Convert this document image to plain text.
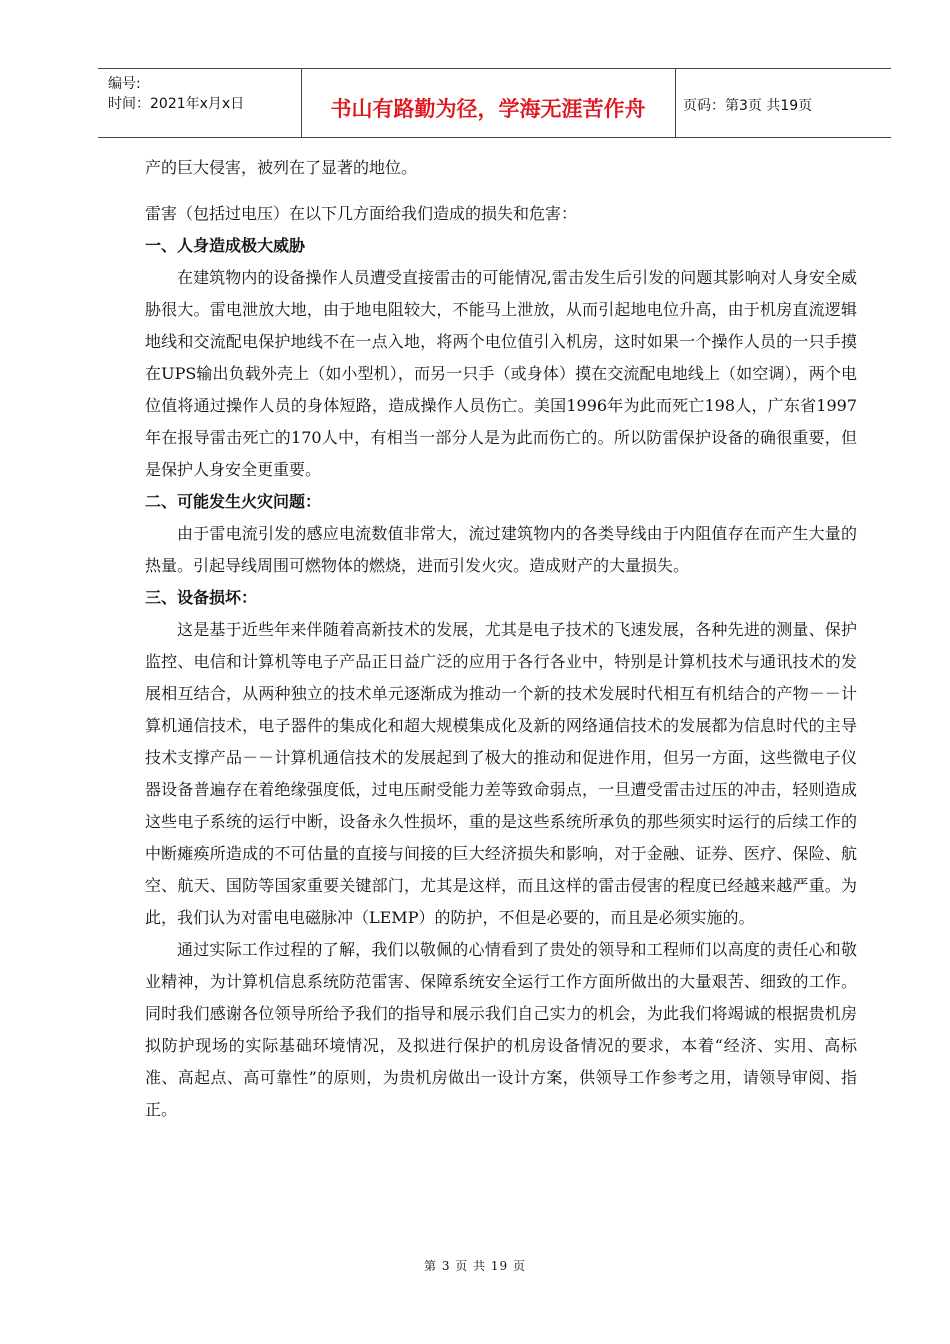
编号:
时间：2021年x月x日	书山有路勤为径，学海无涯苦作舟	页码：第3页 共19页

产的巨大侵害，被列在了显著的地位。

雷害（包括过电压）在以下几方面给我们造成的损失和危害：

一、人身造成极大威胁

在建筑物内的设备操作人员遭受直接雷击的可能情况,雷击发生后引发的问题其影响对人身安全威胁很大。雷电泄放大地，由于地电阻较大，不能马上泄放，从而引起地电位升高，由于机房直流逻辑地线和交流配电保护地线不在一点入地，将两个电位值引入机房，这时如果一个操作人员的一只手摸在UPS输出负载外壳上（如小型机），而另一只手（或身体）摸在交流配电地线上（如空调），两个电位值将通过操作人员的身体短路，造成操作人员伤亡。美国1996年为此而死亡198人，广东省1997年在报导雷击死亡的170人中，有相当一部分人是为此而伤亡的。所以防雷保护设备的确很重要，但是保护人身安全更重要。

二、可能发生火灾问题：

由于雷电流引发的感应电流数值非常大，流过建筑物内的各类导线由于内阻值存在而产生大量的热量。引起导线周围可燃物体的燃烧，进而引发火灾。造成财产的大量损失。

三、设备损坏：

这是基于近些年来伴随着高新技术的发展，尤其是电子技术的飞速发展，各种先进的测量、保护监控、电信和计算机等电子产品正日益广泛的应用于各行各业中，特别是计算机技术与通讯技术的发展相互结合，从两种独立的技术单元逐渐成为推动一个新的技术发展时代相互有机结合的产物－－计算机通信技术，电子器件的集成化和超大规模集成化及新的网络通信技术的发展都为信息时代的主导技术支撑产品－－计算机通信技术的发展起到了极大的推动和促进作用，但另一方面，这些微电子仪器设备普遍存在着绝缘强度低，过电压耐受能力差等致命弱点，一旦遭受雷击过压的冲击，轻则造成这些电子系统的运行中断，设备永久性损坏，重的是这些系统所承负的那些须实时运行的后续工作的中断瘫痪所造成的不可估量的直接与间接的巨大经济损失和影响，对于金融、证券、医疗、保险、航空、航天、国防等国家重要关键部门，尤其是这样，而且这样的雷击侵害的程度已经越来越严重。为此，我们认为对雷电电磁脉冲（LEMP）的防护，不但是必要的，而且是必须实施的。

通过实际工作过程的了解，我们以敬佩的心情看到了贵处的领导和工程师们以高度的责任心和敬业精神，为计算机信息系统防范雷害、保障系统安全运行工作方面所做出的大量艰苦、细致的工作。同时我们感谢各位领导所给予我们的指导和展示我们自己实力的机会，为此我们将竭诚的根据贵机房拟防护现场的实际基础环境情况，及拟进行保护的机房设备情况的要求，本着“经济、实用、高标准、高起点、高可靠性”的原则，为贵机房做出一设计方案，供领导工作参考之用，请领导审阅、指正。

第 3 页 共 19 页
